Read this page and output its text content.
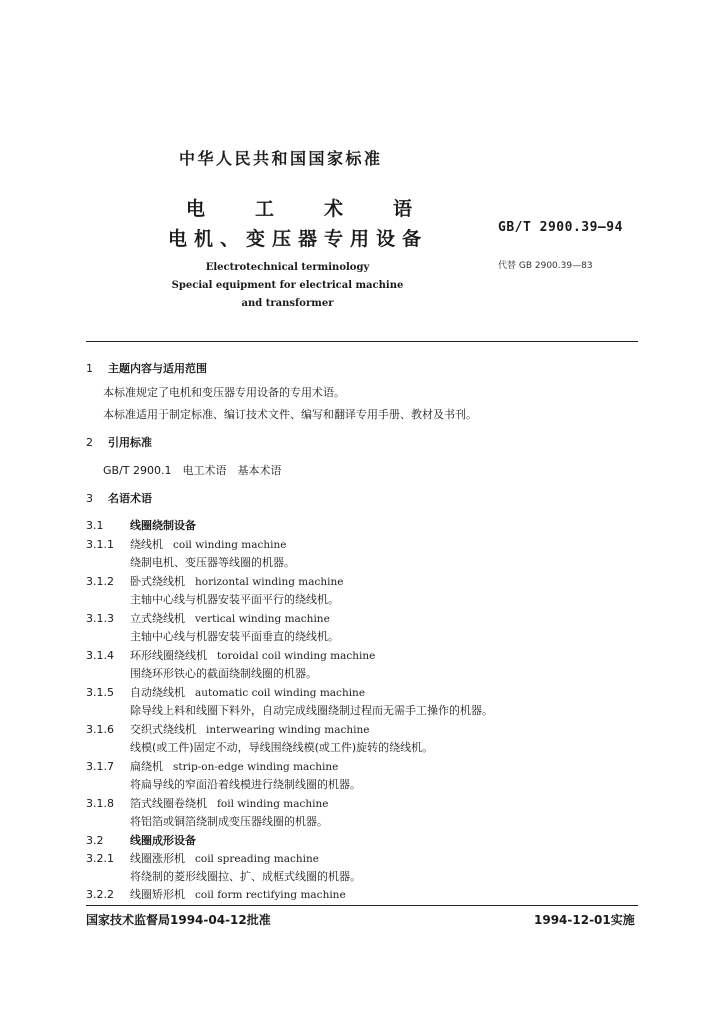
中华人民共和国国家标准
电	工	术	语
电机、变压器专用设备
GB/T 2900.39—94
代替 GB 2900.39—83
Electrotechnical terminology
Special equipment for electrical machine
and transformer
1 主题内容与适用范围
本标准规定了电机和变压器专用设备的专用术语。
本标准适用于制定标准、编订技术文件、编写和翻译专用手册、教材及书刊。
2 引用标准
GB/T 2900.1　电工术语　基本术语
3 名语术语
3.1 线圈绕制设备
3.1.1 绕线机 coil winding machine
绕制电机、变压器等线圈的机器。
3.1.2 卧式绕线机 horizontal winding machine
主轴中心线与机器安装平面平行的绕线机。
3.1.3 立式绕线机 vertical winding machine
主轴中心线与机器安装平面垂直的绕线机。
3.1.4 环形线圈绕线机 toroidal coil winding machine
围绕环形铁心的截面绕制线圈的机器。
3.1.5 自动绕线机 automatic coil winding machine
除导线上料和线圈下料外，自动完成线圈绕制过程而无需手工操作的机器。
3.1.6 交织式绕线机 interwearing winding machine
线模(或工件)固定不动，导线围绕线模(或工件)旋转的绕线机。
3.1.7 扁绕机 strip-on-edge winding machine
将扁导线的窄面沿着线模进行绕制线圈的机器。
3.1.8 箔式线圈卷绕机 foil winding machine
将铝箔或铜箔绕制成变压器线圈的机器。
3.2 线圈成形设备
3.2.1 线圈涨形机 coil spreading machine
将绕制的菱形线圈拉、扩、成框式线圈的机器。
3.2.2 线圈矫形机 coil form rectifying machine
国家技术监督局1994-04-12批准	1994-12-01实施
